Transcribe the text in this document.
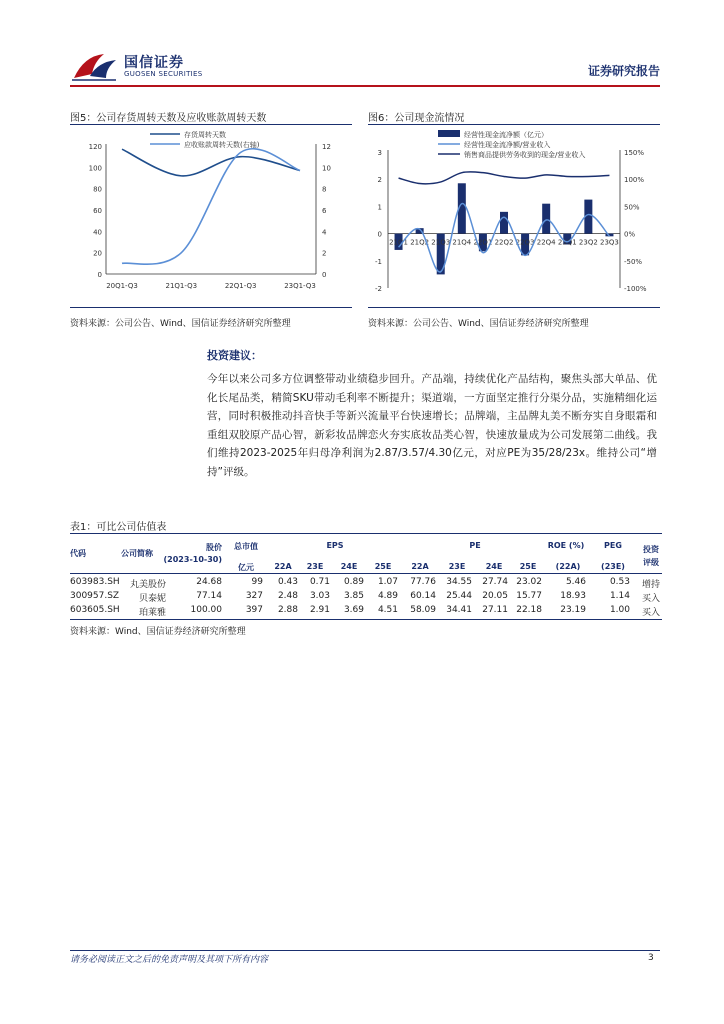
国信证券
GUOSEN SECURITIES	证券研究报告
图5：公司存货周转天数及应收账款周转天数
0
20
40
60
80
100
120
0
2
4
6
8
10
12
20Q1-Q3	21Q1-Q3	22Q1-Q3	23Q1-Q3
存货周转天数
应收账款周转天数(右轴)
资料来源：公司公告、Wind、国信证券经济研究所整理
图6：公司现金流情况
-2
-1
0
1
2
3
-100%
-50%
0%
50%
100%
150%
21Q1 21Q2 21Q3 21Q4 22Q1 22Q2 22Q3 22Q4 23Q1 23Q2 23Q3
经营性现金流净额（亿元）
经营性现金流净额/营业收入
销售商品提供劳务收到的现金/营业收入
资料来源：公司公告、Wind、国信证券经济研究所整理
投资建议：
今年以来公司多方位调整带动业绩稳步回升。产品端，持续优化产品结构，聚焦头部大单品、优化长尾品类，精简SKU带动毛利率不断提升；渠道端，一方面坚定推行分渠分品，实施精细化运营，同时积极推动抖音快手等新兴流量平台快速增长；品牌端，主品牌丸美不断夯实自身眼霜和重组双胶原产品心智，新彩妆品牌恋火夯实底妆品类心智，快速放量成为公司发展第二曲线。我们维持2023-2025年归母净利润为2.87/3.57/4.30亿元，对应PE为35/28/23x。维持公司“增持”评级。
表1：可比公司估值表
代码	公司简称
股价
(2023-10-30)
总市值
亿元
EPS
22A 23E 24E 25E
PE
22A	23E	24E 25E
ROE (%)
(22A)
PEG
(23E)
投资
评级
603983.SH	丸美股份	24.68	99	0.43	0.71	0.89	1.07	77.76	34.55	27.74 23.02	5.46	0.53 增持
300957.SZ	贝泰妮	77.14	327	2.48	3.03	3.85	4.89	60.14	25.44	20.05 15.77	18.93	1.14 买入
603605.SH	珀莱雅	100.00	397	2.88	2.91	3.69	4.51	58.09	34.41	27.11 22.18	23.19	1.00 买入
资料来源：Wind、国信证券经济研究所整理
请务必阅读正文之后的免责声明及其项下所有内容	3
